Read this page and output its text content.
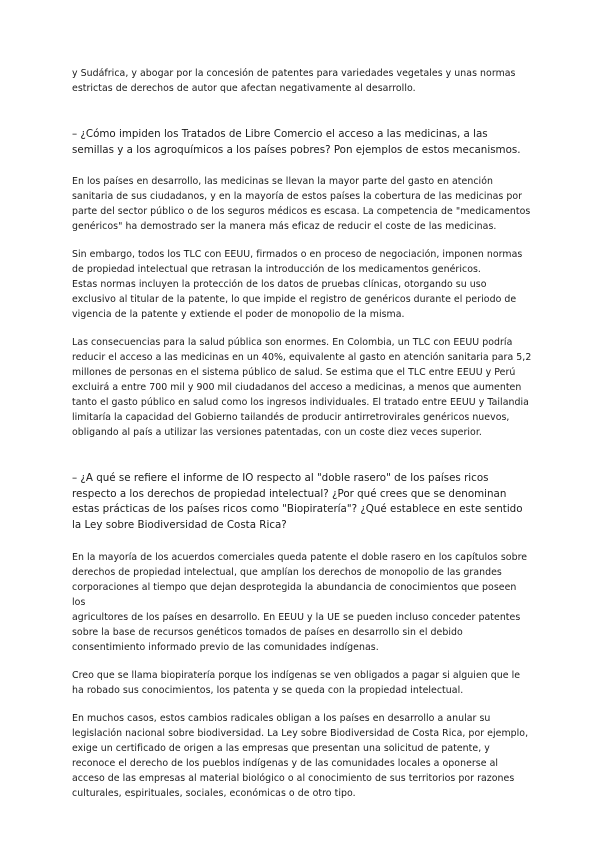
y Sudáfrica, y abogar por la concesión de patentes para variedades vegetales y unas normas
estrictas de derechos de autor que afectan negativamente al desarrollo.

– ¿Cómo impiden los Tratados de Libre Comercio el acceso a las medicinas, a las
semillas y a los agroquímicos a los países pobres? Pon ejemplos de estos mecanismos.

En los países en desarrollo, las medicinas se llevan la mayor parte del gasto en atención
sanitaria de sus ciudadanos, y en la mayoría de estos países la cobertura de las medicinas por
parte del sector público o de los seguros médicos es escasa. La competencia de "medicamentos
genéricos" ha demostrado ser la manera más eficaz de reducir el coste de las medicinas.

Sin embargo, todos los TLC con EEUU, firmados o en proceso de negociación, imponen normas
de propiedad intelectual que retrasan la introducción de los medicamentos genéricos.
Estas normas incluyen la protección de los datos de pruebas clínicas, otorgando su uso
exclusivo al titular de la patente, lo que impide el registro de genéricos durante el periodo de
vigencia de la patente y extiende el poder de monopolio de la misma.

Las consecuencias para la salud pública son enormes. En Colombia, un TLC con EEUU podría
reducir el acceso a las medicinas en un 40%, equivalente al gasto en atención sanitaria para 5,2
millones de personas en el sistema público de salud. Se estima que el TLC entre EEUU y Perú
excluirá a entre 700 mil y 900 mil ciudadanos del acceso a medicinas, a menos que aumenten
tanto el gasto público en salud como los ingresos individuales. El tratado entre EEUU y Tailandia
limitaría la capacidad del Gobierno tailandés de producir antirretrovirales genéricos nuevos,
obligando al país a utilizar las versiones patentadas, con un coste diez veces superior.

– ¿A qué se refiere el informe de IO respecto al "doble rasero" de los países ricos
respecto a los derechos de propiedad intelectual? ¿Por qué crees que se denominan
estas prácticas de los países ricos como "Biopiratería"? ¿Qué establece en este sentido
la Ley sobre Biodiversidad de Costa Rica?

En la mayoría de los acuerdos comerciales queda patente el doble rasero en los capítulos sobre
derechos de propiedad intelectual, que amplían los derechos de monopolio de las grandes
corporaciones al tiempo que dejan desprotegida la abundancia de conocimientos que poseen los
agricultores de los países en desarrollo. En EEUU y la UE se pueden incluso conceder patentes
sobre la base de recursos genéticos tomados de países en desarrollo sin el debido
consentimiento informado previo de las comunidades indígenas.

Creo que se llama biopiratería porque los indígenas se ven obligados a pagar si alguien que le
ha robado sus conocimientos, los patenta y se queda con la propiedad intelectual.

En muchos casos, estos cambios radicales obligan a los países en desarrollo a anular su
legislación nacional sobre biodiversidad. La Ley sobre Biodiversidad de Costa Rica, por ejemplo,
exige un certificado de origen a las empresas que presentan una solicitud de patente, y
reconoce el derecho de los pueblos indígenas y de las comunidades locales a oponerse al
acceso de las empresas al material biológico o al conocimiento de sus territorios por razones
culturales, espirituales, sociales, económicas o de otro tipo.
